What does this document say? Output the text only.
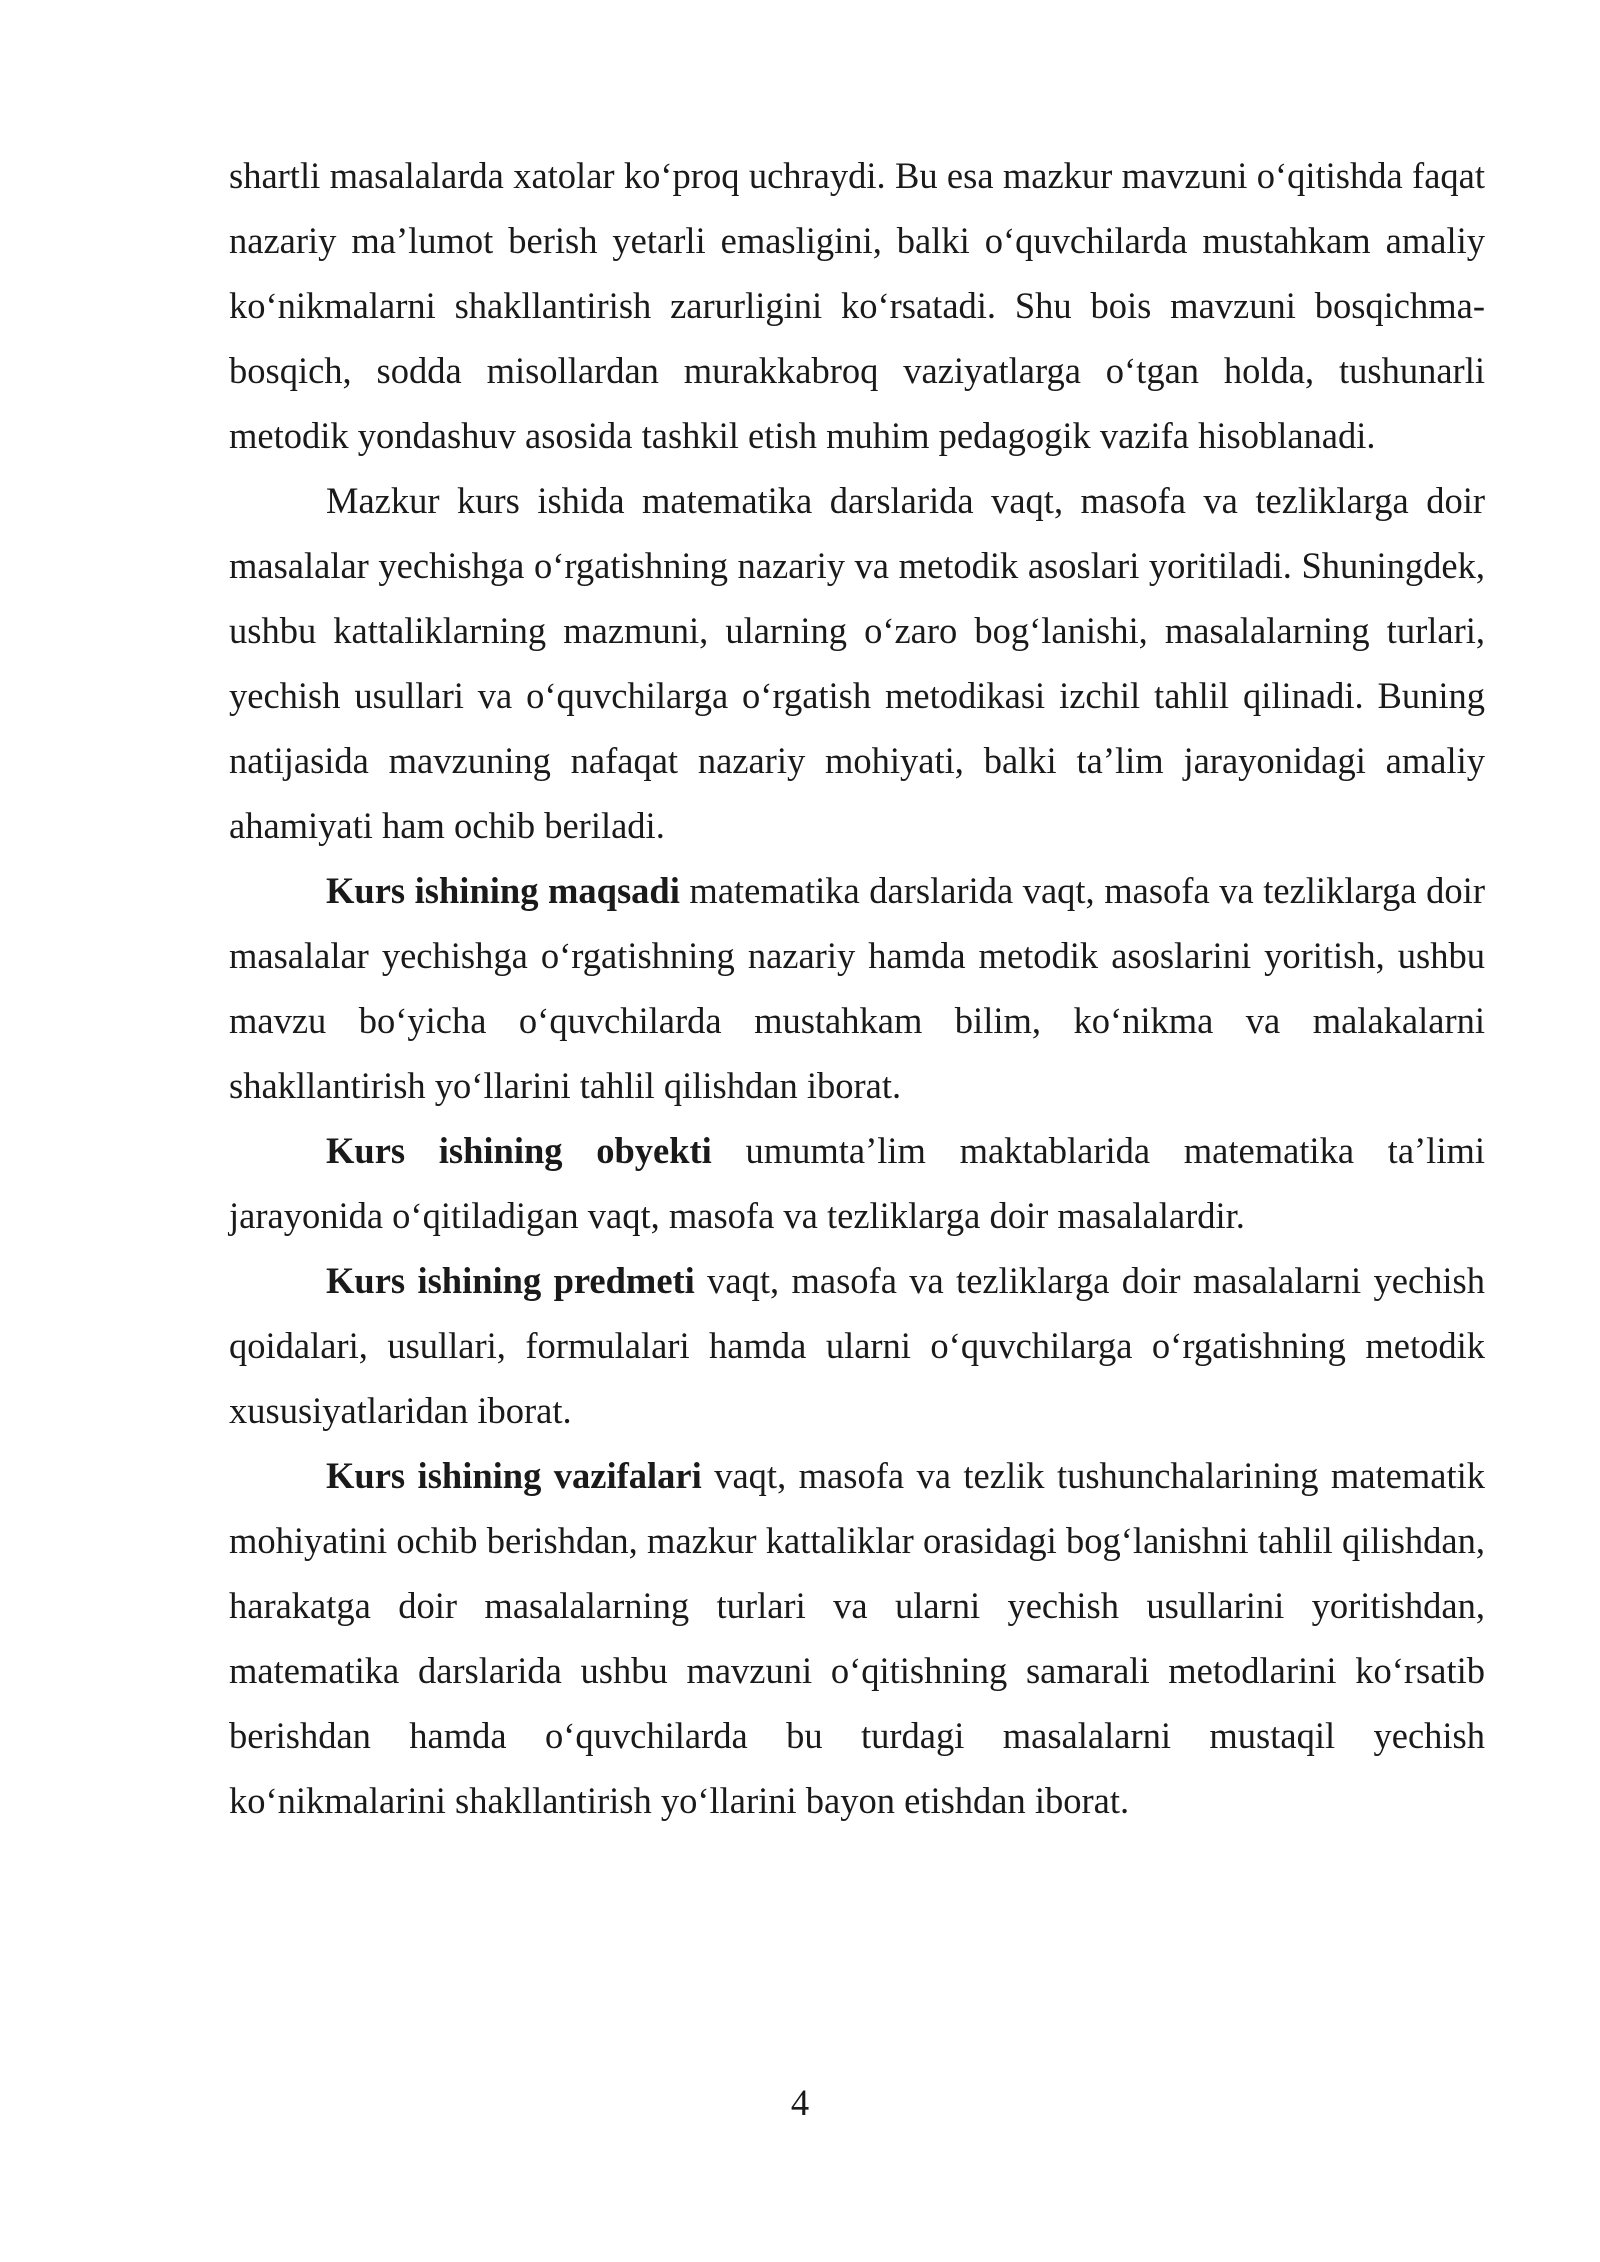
shartli masalalarda xatolar ko‘proq uchraydi. Bu esa mazkur mavzuni o‘qitishda faqat nazariy ma’lumot berish yetarli emasligini, balki o‘quvchilarda mustahkam amaliy ko‘nikmalarni shakllantirish zarurligini ko‘rsatadi. Shu bois mavzuni bosqichma-bosqich, sodda misollardan murakkabroq vaziyatlarga o‘tgan holda, tushunarli metodik yondashuv asosida tashkil etish muhim pedagogik vazifa hisoblanadi.

Mazkur kurs ishida matematika darslarida vaqt, masofa va tezliklarga doir masalalar yechishga o‘rgatishning nazariy va metodik asoslari yoritiladi. Shuningdek, ushbu kattaliklarning mazmuni, ularning o‘zaro bog‘lanishi, masalalarning turlari, yechish usullari va o‘quvchilarga o‘rgatish metodikasi izchil tahlil qilinadi. Buning natijasida mavzuning nafaqat nazariy mohiyati, balki ta’lim jarayonidagi amaliy ahamiyati ham ochib beriladi.

Kurs ishining maqsadi matematika darslarida vaqt, masofa va tezliklarga doir masalalar yechishga o‘rgatishning nazariy hamda metodik asoslarini yoritish, ushbu mavzu bo‘yicha o‘quvchilarda mustahkam bilim, ko‘nikma va malakalarni shakllantirish yo‘llarini tahlil qilishdan iborat.

Kurs ishining obyekti umumta’lim maktablarida matematika ta’limi jarayonida o‘qitiladigan vaqt, masofa va tezliklarga doir masalalardir.

Kurs ishining predmeti vaqt, masofa va tezliklarga doir masalalarni yechish qoidalari, usullari, formulalari hamda ularni o‘quvchilarga o‘rgatishning metodik xususiyatlaridan iborat.

Kurs ishining vazifalari vaqt, masofa va tezlik tushunchalarining matematik mohiyatini ochib berishdan, mazkur kattaliklar orasidagi bog‘lanishni tahlil qilishdan, harakatga doir masalalarning turlari va ularni yechish usullarini yoritishdan, matematika darslarida ushbu mavzuni o‘qitishning samarali metodlarini ko‘rsatib berishdan hamda o‘quvchilarda bu turdagi masalalarni mustaqil yechish ko‘nikmalarini shakllantirish yo‘llarini bayon etishdan iborat.

4
